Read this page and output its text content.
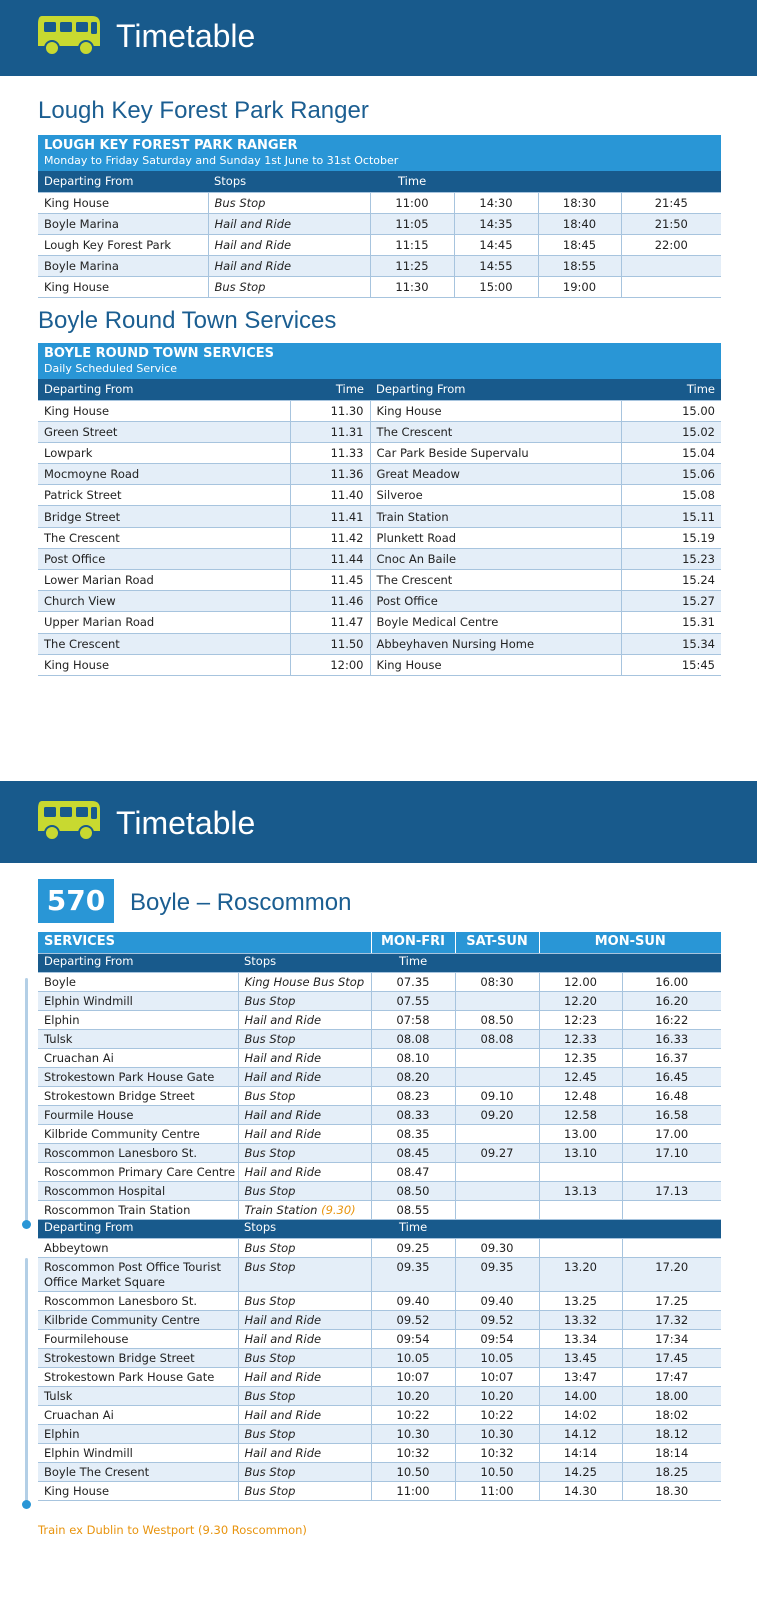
Timetable
Lough Key Forest Park Ranger
LOUGH KEY FOREST PARK RANGER
Monday to Friday Saturday and Sunday 1st June to 31st October
Departing From	Stops	Time			
King House	Bus Stop	11:00	14:30	18:30	21:45
Boyle Marina	Hail and Ride	11:05	14:35	18:40	21:50
Lough Key Forest Park	Hail and Ride	11:15	14:45	18:45	22:00
Boyle Marina	Hail and Ride	11:25	14:55	18:55	
King House	Bus Stop	11:30	15:00	19:00	
Boyle Round Town Services
BOYLE ROUND TOWN SERVICES
Daily Scheduled Service
Departing From	Time	Departing From	Time
King House	11.30	King House	15.00
Green Street	11.31	The Crescent	15.02
Lowpark	11.33	Car Park Beside Supervalu	15.04
Mocmoyne Road	11.36	Great Meadow	15.06
Patrick Street	11.40	Silveroe	15.08
Bridge Street	11.41	Train Station	15.11
The Crescent	11.42	Plunkett Road	15.19
Post Office	11.44	Cnoc An Baile	15.23
Lower Marian Road	11.45	The Crescent	15.24
Church View	11.46	Post Office	15.27
Upper Marian Road	11.47	Boyle Medical Centre	15.31
The Crescent	11.50	Abbeyhaven Nursing Home	15.34
King House	12:00	King House	15:45
Timetable
570	Boyle – Roscommon
SERVICES		MON-FRI	SAT-SUN	MON-SUN	
Departing From	Stops	Time			
Boyle	King House Bus Stop	07.35	08:30	12.00	16.00
Elphin Windmill	Bus Stop	07.55		12.20	16.20
Elphin	Hail and Ride	07:58	08.50	12:23	16:22
Tulsk	Bus Stop	08.08	08.08	12.33	16.33
Cruachan Ai	Hail and Ride	08.10		12.35	16.37
Strokestown Park House Gate	Hail and Ride	08.20		12.45	16.45
Strokestown Bridge Street	Bus Stop	08.23	09.10	12.48	16.48
Fourmile House	Hail and Ride	08.33	09.20	12.58	16.58
Kilbride Community Centre	Hail and Ride	08.35		13.00	17.00
Roscommon Lanesboro St.	Bus Stop	08.45	09.27	13.10	17.10
Roscommon Primary Care Centre	Hail and Ride	08.47			
Roscommon Hospital	Bus Stop	08.50		13.13	17.13
Roscommon Train Station	Train Station (9.30)	08.55			
Departing From	Stops	Time			
Abbeytown	Bus Stop	09.25	09.30		
Roscommon Post Office Tourist Office Market Square	Bus Stop	09.35	09.35	13.20	17.20
Roscommon Lanesboro St.	Bus Stop	09.40	09.40	13.25	17.25
Kilbride Community Centre	Hail and Ride	09.52	09.52	13.32	17.32
Fourmilehouse	Hail and Ride	09:54	09:54	13.34	17:34
Strokestown Bridge Street	Bus Stop	10.05	10.05	13.45	17.45
Strokestown Park House Gate	Hail and Ride	10:07	10:07	13:47	17:47
Tulsk	Bus Stop	10.20	10.20	14.00	18.00
Cruachan Ai	Hail and Ride	10:22	10:22	14:02	18:02
Elphin	Bus Stop	10.30	10.30	14.12	18.12
Elphin Windmill	Hail and Ride	10:32	10:32	14:14	18:14
Boyle The Cresent	Bus Stop	10.50	10.50	14.25	18.25
King House	Bus Stop	11:00	11:00	14.30	18.30
Train ex Dublin to Westport (9.30 Roscommon)
